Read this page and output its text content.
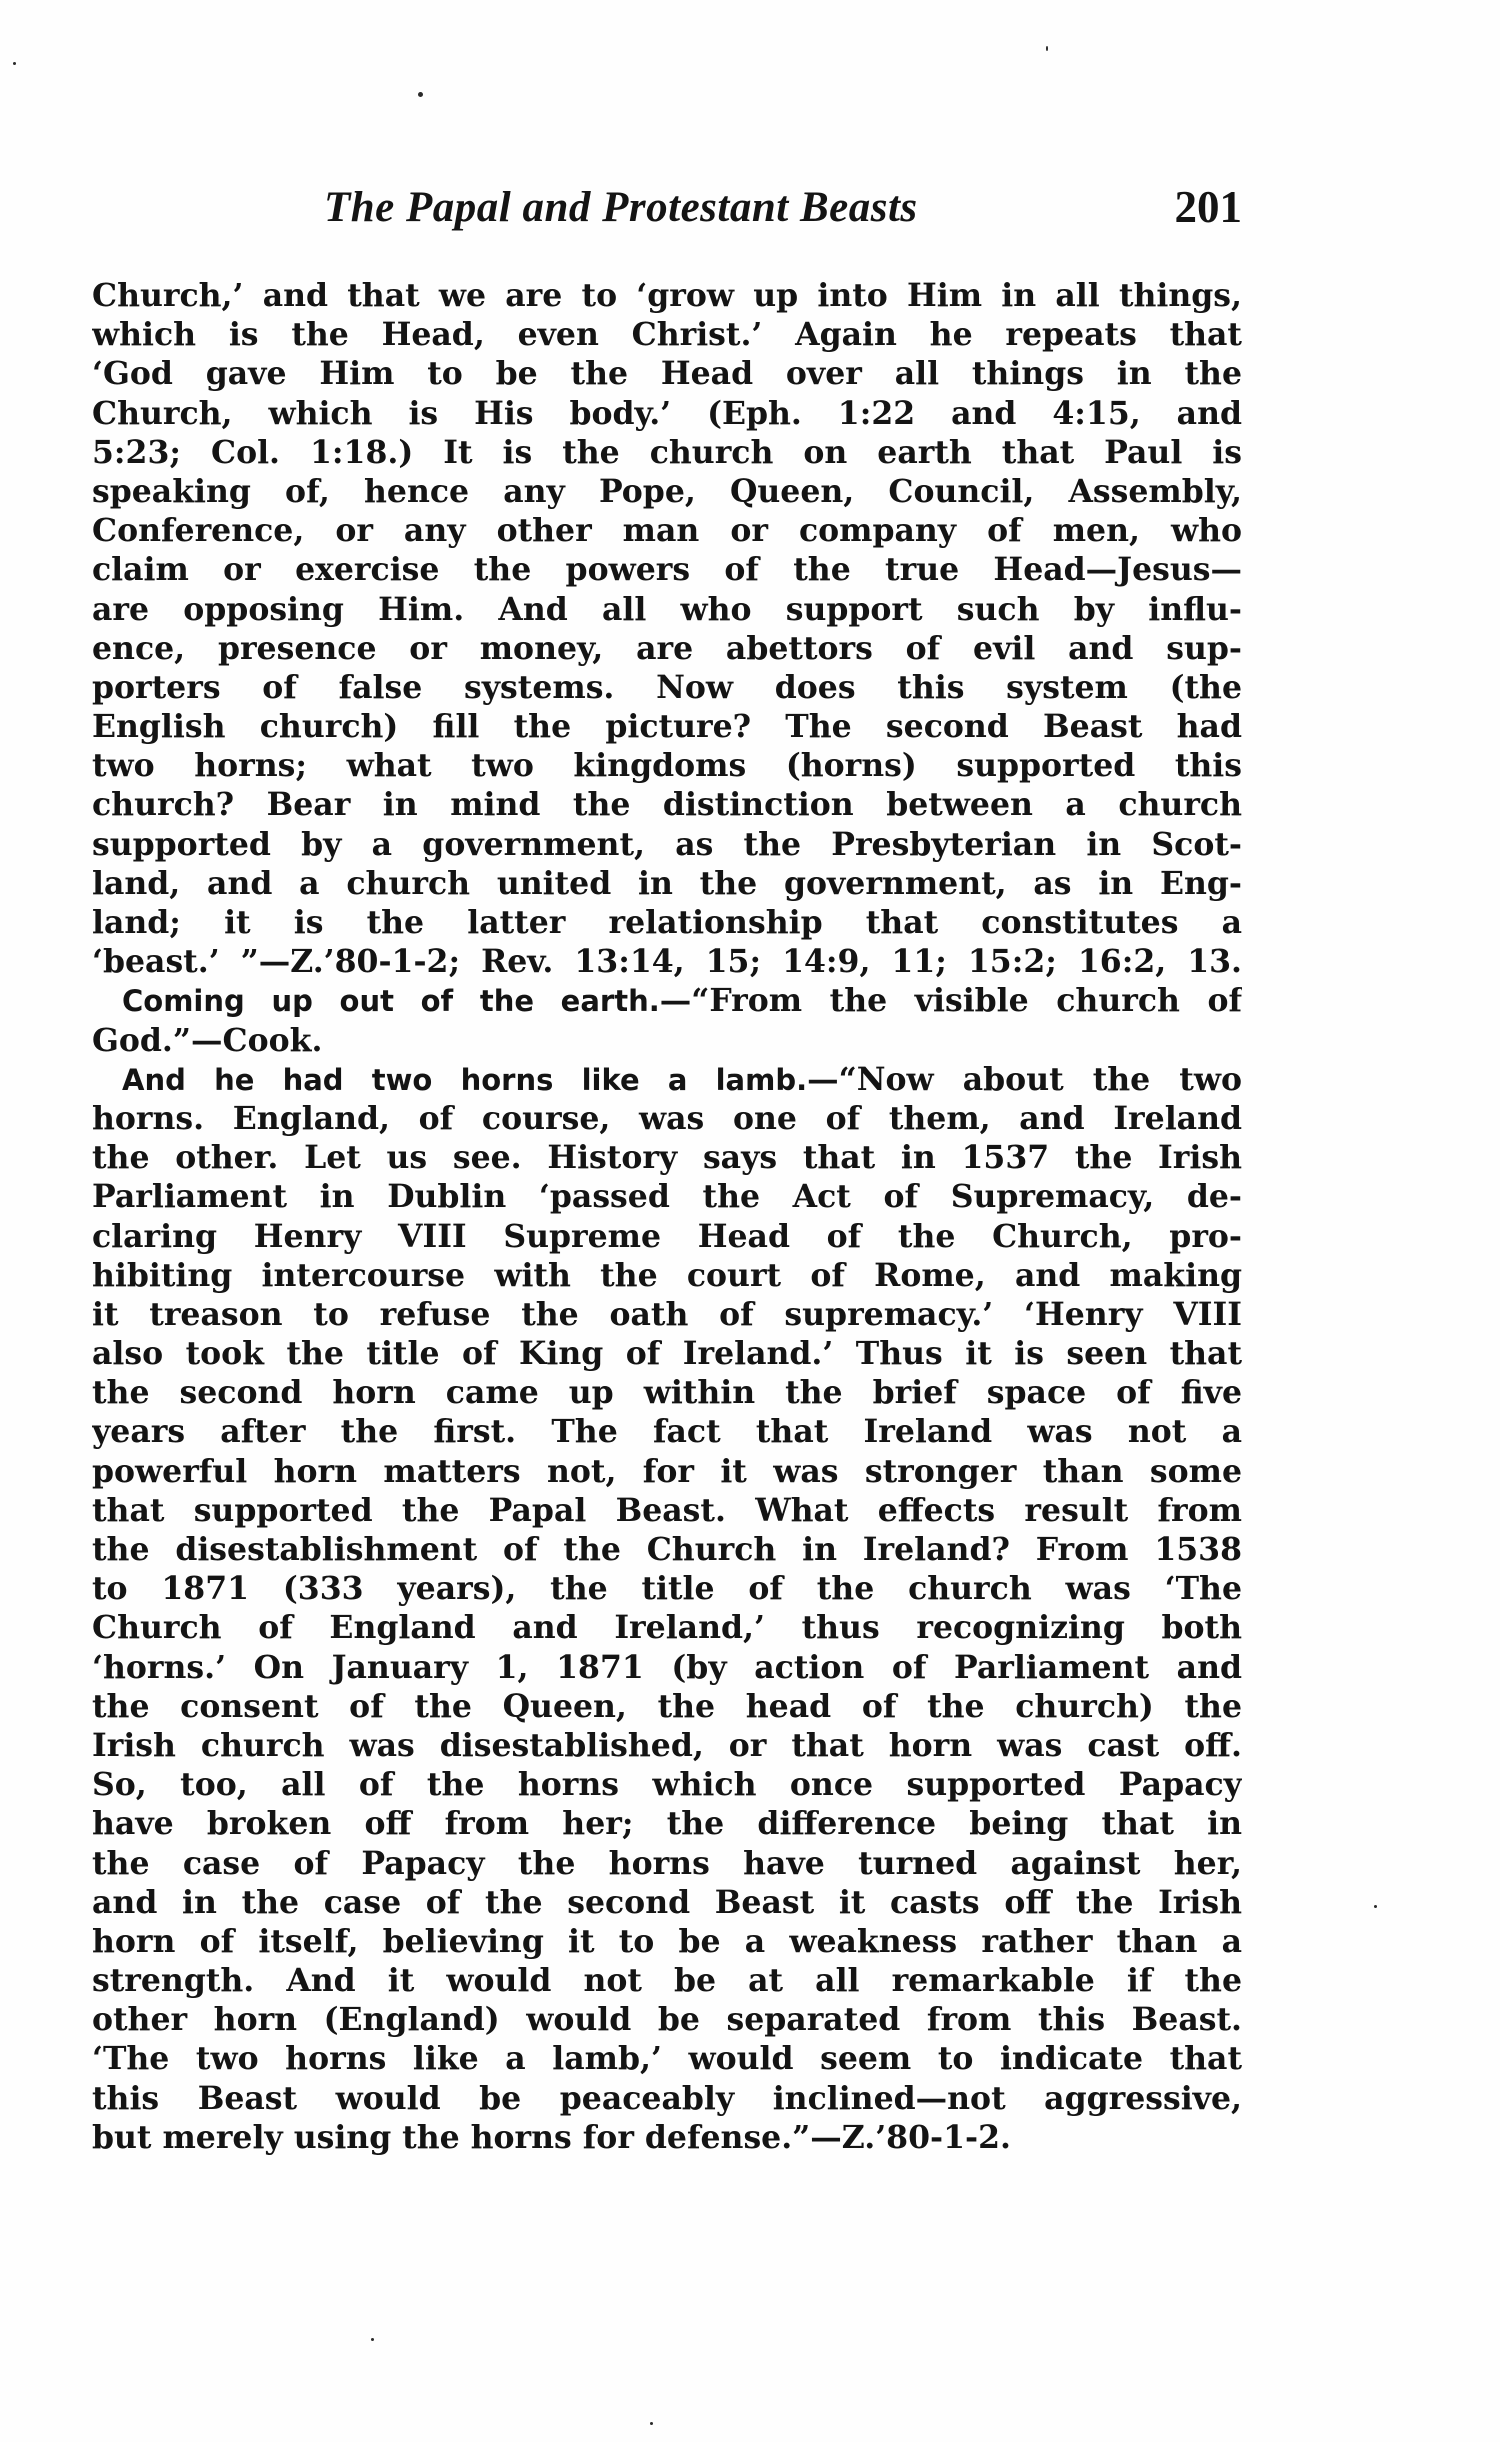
The Papal and Protestant Beasts	201
Church,’ and that we are to ‘grow up into Him in all things,
which is the Head, even Christ.’ Again he repeats that
‘God gave Him to be the Head over all things in the
Church, which is His body.’ (Eph. 1:22 and 4:15, and
5:23; Col. 1:18.) It is the church on earth that Paul is
speaking of, hence any Pope, Queen, Council, Assembly,
Conference, or any other man or company of men, who
claim or exercise the powers of the true Head—Jesus—
are opposing Him. And all who support such by influ-
ence, presence or money, are abettors of evil and sup-
porters of false systems. Now does this system (the
English church) fill the picture? The second Beast had
two horns; what two kingdoms (horns) supported this
church? Bear in mind the distinction between a church
supported by a government, as the Presbyterian in Scot-
land, and a church united in the government, as in Eng-
land; it is the latter relationship that constitutes a
‘beast.’ ”—Z.’80-1-2; Rev. 13:14, 15; 14:9, 11; 15:2; 16:2, 13.
Coming up out of the earth.—“From the visible church of
God.”—Cook.
And he had two horns like a lamb.—“Now about the two
horns. England, of course, was one of them, and Ireland
the other. Let us see. History says that in 1537 the Irish
Parliament in Dublin ‘passed the Act of Supremacy, de-
claring Henry VIII Supreme Head of the Church, pro-
hibiting intercourse with the court of Rome, and making
it treason to refuse the oath of supremacy.’ ‘Henry VIII
also took the title of King of Ireland.’ Thus it is seen that
the second horn came up within the brief space of five
years after the first. The fact that Ireland was not a
powerful horn matters not, for it was stronger than some
that supported the Papal Beast. What effects result from
the disestablishment of the Church in Ireland? From 1538
to 1871 (333 years), the title of the church was ‘The
Church of England and Ireland,’ thus recognizing both
‘horns.’ On January 1, 1871 (by action of Parliament and
the consent of the Queen, the head of the church) the
Irish church was disestablished, or that horn was cast off.
So, too, all of the horns which once supported Papacy
have broken off from her; the difference being that in
the case of Papacy the horns have turned against her,
and in the case of the second Beast it casts off the Irish
horn of itself, believing it to be a weakness rather than a
strength. And it would not be at all remarkable if the
other horn (England) would be separated from this Beast.
‘The two horns like a lamb,’ would seem to indicate that
this Beast would be peaceably inclined—not aggressive,
but merely using the horns for defense.”—Z.’80-1-2.
